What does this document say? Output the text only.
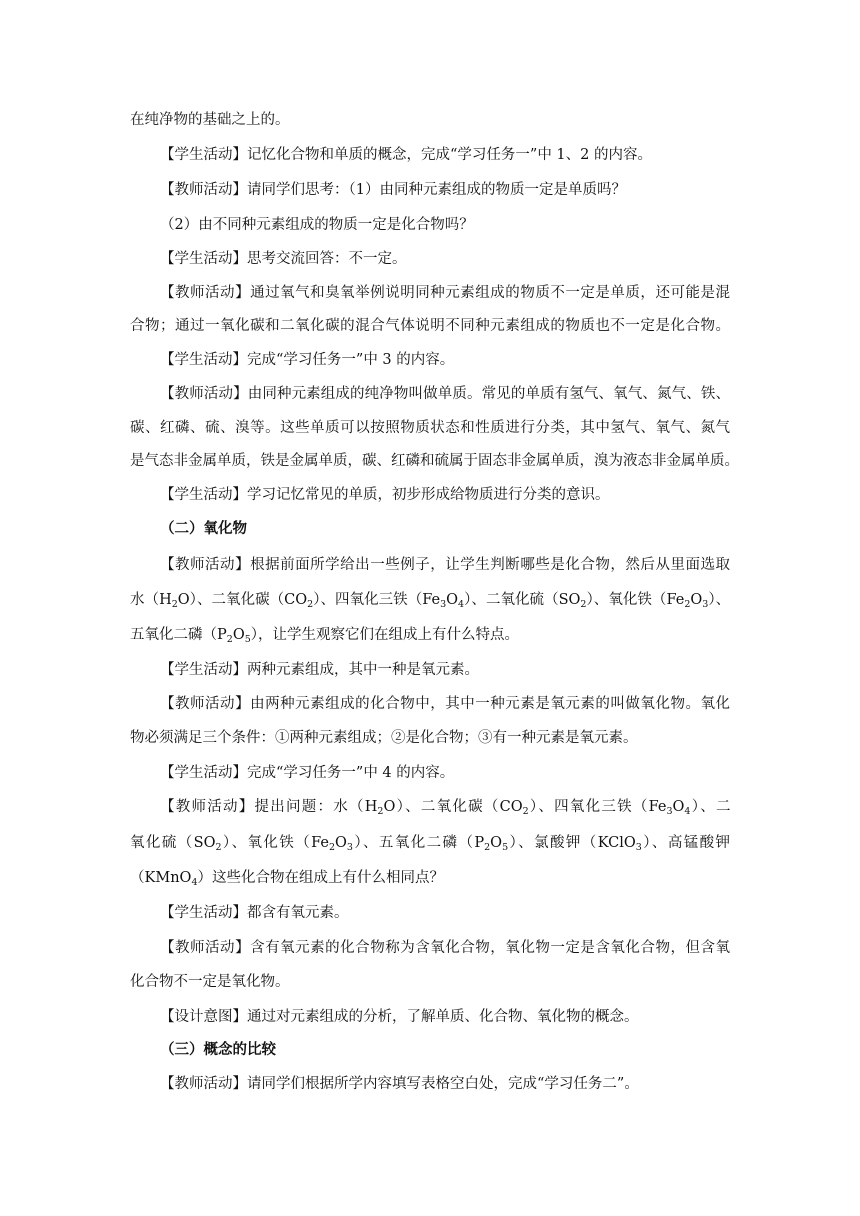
在纯净物的基础之上的。
【学生活动】记忆化合物和单质的概念，完成“学习任务一”中 1、2 的内容。
【教师活动】请同学们思考：（1）由同种元素组成的物质一定是单质吗？
（2）由不同种元素组成的物质一定是化合物吗？
【学生活动】思考交流回答：不一定。
【教师活动】通过氧气和臭氧举例说明同种元素组成的物质不一定是单质，还可能是混
合物；通过一氧化碳和二氧化碳的混合气体说明不同种元素组成的物质也不一定是化合物。
【学生活动】完成“学习任务一”中 3 的内容。
【教师活动】由同种元素组成的纯净物叫做单质。常见的单质有氢气、氧气、氮气、铁、
碳、红磷、硫、溴等。这些单质可以按照物质状态和性质进行分类，其中氢气、氧气、氮气
是气态非金属单质，铁是金属单质，碳、红磷和硫属于固态非金属单质，溴为液态非金属单质。
【学生活动】学习记忆常见的单质，初步形成给物质进行分类的意识。
（二）氧化物
【教师活动】根据前面所学给出一些例子，让学生判断哪些是化合物，然后从里面选取
水$(H_2O)$、二氧化碳$(CO_2)$、四氧化三铁$(Fe_3O_4)$、二氧化硫$(SO_2)$、氧化铁$(Fe_2O_3)$、
五氧化二磷$(P_2O_5)$，让学生观察它们在组成上有什么特点。
【学生活动】两种元素组成，其中一种是氧元素。
【教师活动】由两种元素组成的化合物中，其中一种元素是氧元素的叫做氧化物。氧化
物必须满足三个条件：①两种元素组成；②是化合物；③有一种元素是氧元素。
【学生活动】完成“学习任务一”中 4 的内容。
【教师活动】提出问题：水$(H_2O)$、二氧化碳$(CO_2)$、四氧化三铁$(Fe_3O_4)$、二
氧化硫$(SO_2)$、氧化铁$(Fe_2O_3)$、五氧化二磷$(P_2O_5)$、氯酸钾（KClO$_3$）、高锰酸钾
（KMnO$_4$）这些化合物在组成上有什么相同点？
【学生活动】都含有氧元素。
【教师活动】含有氧元素的化合物称为含氧化合物，氧化物一定是含氧化合物，但含氧
化合物不一定是氧化物。
【设计意图】通过对元素组成的分析，了解单质、化合物、氧化物的概念。
（三）概念的比较
【教师活动】请同学们根据所学内容填写表格空白处，完成“学习任务二”。
